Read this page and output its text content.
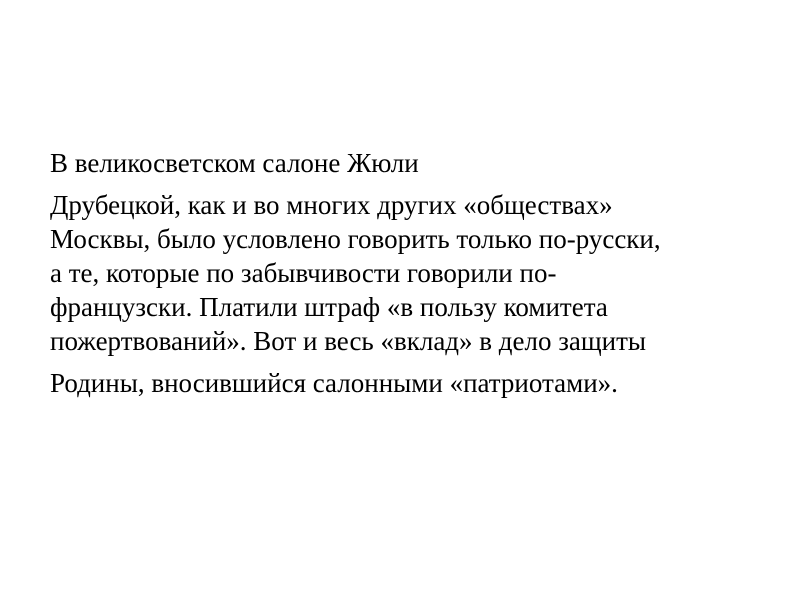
В великосветском салоне Жюли

Друбецкой, как и во многих других «обществах»
Москвы, было условлено говорить только по-русски,
а те, которые по забывчивости говорили по-
французски. Платили штраф «в пользу комитета
пожертвований». Вот и весь «вклад» в дело защиты

Родины, вносившийся салонными «патриотами».
